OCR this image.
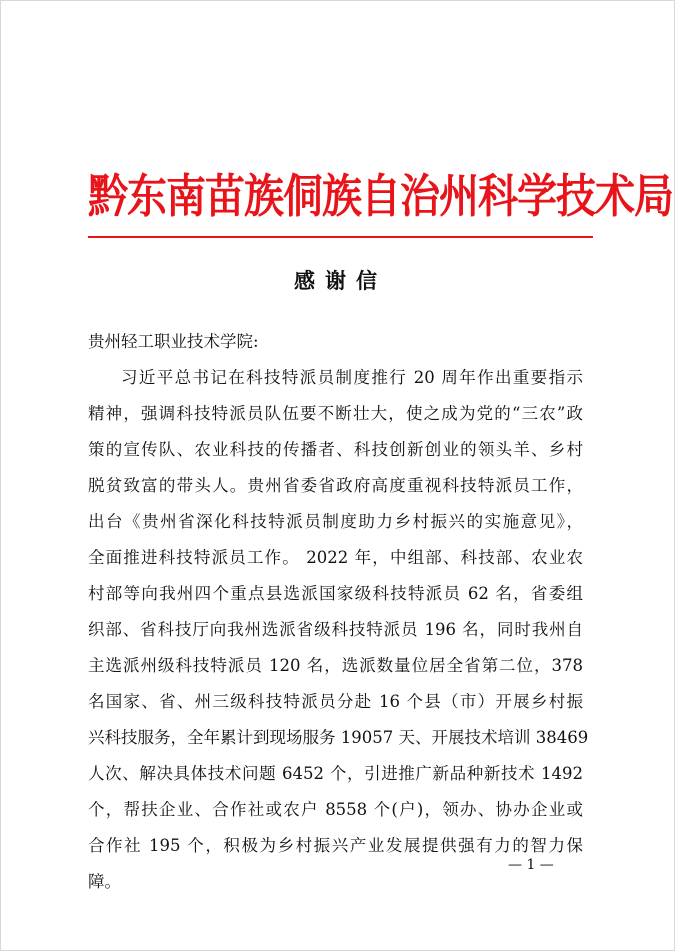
黔东南苗族侗族自治州科学技术局
感谢信
贵州轻工职业技术学院:
习近平总书记在科技特派员制度推行 20 周年作出重要指示
精神，强调科技特派员队伍要不断壮大，使之成为党的“三农”政
策的宣传队、农业科技的传播者、科技创新创业的领头羊、乡村
脱贫致富的带头人。贵州省委省政府高度重视科技特派员工作，
出台《贵州省深化科技特派员制度助力乡村振兴的实施意见》，
全面推进科技特派员工作。 2022 年，中组部、科技部、农业农
村部等向我州四个重点县选派国家级科技特派员 62 名，省委组
织部、省科技厅向我州选派省级科技特派员 196 名，同时我州自
主选派州级科技特派员 120 名，选派数量位居全省第二位，378
名国家、省、州三级科技特派员分赴 16 个县（市）开展乡村振
兴科技服务，全年累计到现场服务 19057 天、开展技术培训 38469
人次、解决具体技术问题 6452 个，引进推广新品种新技术 1492
个，帮扶企业、合作社或农户 8558 个(户)，领办、协办企业或
合作社 195 个，积极为乡村振兴产业发展提供强有力的智力保
障。
— 1 —
